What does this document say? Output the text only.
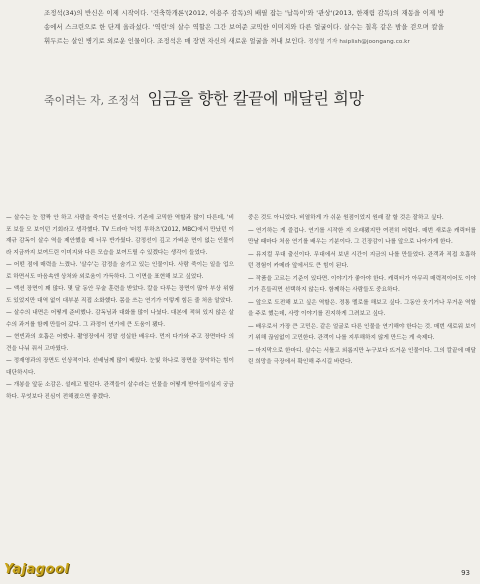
조정석(34)의 반신은 이제 시작이다. '건축학개론'(2012, 이용주 감독)의 배필 잡는 '납득이'와 '관상'(2013, 한재림 감독)의 재동을 이제 방송에서 스크린으로 한 단계 올라섰다. '역린'의 살수 역할은 그간 보여준 코믹한 이미지와 다른 얼굴이다. 살수는 칠흑 같은 밤을 걷으며 칼을 휘두르는 살인 병기로 외로운 인물이다. 조정석은 매 장면 자신의 새로운 얼굴을 꺼내 보인다. 정성렬 기자 hsiplish@joongang.co.kr
죽이려는 자, 조정석 임금을 향한 칼끝에 매달린 희망

— 살수는 눈 깜짝 안 하고 사람을 죽이는 인물이다. 기존에 코믹한 역할과 많이 다른데, '비포 보들 모 보이던 기회라고 생각했다. TV 드라마 '더킹 투하츠'(2012, MBC)에서 만났던 이재규 감독이 살수 역을 제안했을 때 너무 반가웠다. 감정선이 깊고 가벼운 면이 없는 인물이라 지금까지 보여드린 이미지와 다른 모습을 보여드릴 수 있겠다는 생각이 들었다.

— 어떤 점에 매력을 느꼈나. '살수'는 감정을 숨기고 있는 인물이다. 사람 죽이는 일을 업으로 하면서도 마음속엔 상처와 외로움이 가득하다. 그 이면을 표현해 보고 싶었다.

— 액션 장면이 꽤 많다. 몇 달 동안 무술 훈련을 받았다. 칼을 다루는 장면이 많아 부상 위험도 있었지만 대역 없이 대부분 직접 소화했다. 몸을 쓰는 연기가 이렇게 힘든 줄 처음 알았다.

— 살수의 내면은 어떻게 준비했나. 감독님과 대화를 많이 나눴다. 대본에 적혀 있지 않은 살수의 과거를 함께 만들어 갔다. 그 과정이 연기에 큰 도움이 됐다.

— 현빈과의 호흡은 어땠나. 촬영장에서 정말 성실한 배우다. 먼저 다가와 주고 장면마다 의견을 나눠 줘서 고마웠다.

— 정재영과의 장면도 인상적이다. 선배님께 많이 배웠다. 눈빛 하나로 장면을 장악하는 힘이 대단하시다.

— 개봉을 앞둔 소감은. 설레고 떨린다. 관객들이 살수라는 인물을 어떻게 받아들이실지 궁금하다. 무엇보다 진심이 전해졌으면 좋겠다.

중은 것도 아니었다. 비열하게 가 쉬운 원점이었지 원래 잘 할 것은 잘하고 싶다.

— 연기하는 게 즐겁나. 연기를 시작한 지 오래됐지만 여전히 어렵다. 매번 새로운 캐릭터를 만날 때마다 처음 연기를 배우는 기분이다. 그 긴장감이 나를 앞으로 나아가게 한다.

— 뮤지컬 무대 출신이다. 무대에서 보낸 시간이 지금의 나를 만들었다. 관객과 직접 호흡하던 경험이 카메라 앞에서도 큰 힘이 된다.

— 작품을 고르는 기준이 있다면. 이야기가 좋아야 한다. 캐릭터가 아무리 매력적이어도 이야기가 흔들리면 선택하지 않는다. 함께하는 사람들도 중요하다.

— 앞으로 도전해 보고 싶은 역할은. 정통 멜로를 해보고 싶다. 그동안 웃기거나 무거운 역할을 주로 했는데, 사랑 이야기를 진지하게 그려보고 싶다.

— 배우로서 가장 큰 고민은. 같은 얼굴로 다른 인물을 연기해야 한다는 것. 매번 새로워 보이기 위해 끊임없이 고민한다. 관객이 나를 지루해하지 않게 만드는 게 숙제다.

— 마지막으로 한마디. 살수는 서툴고 외롭지만 누구보다 뜨거운 인물이다. 그의 칼끝에 매달린 희망을 극장에서 확인해 주시길 바란다.

Yajagool	93
